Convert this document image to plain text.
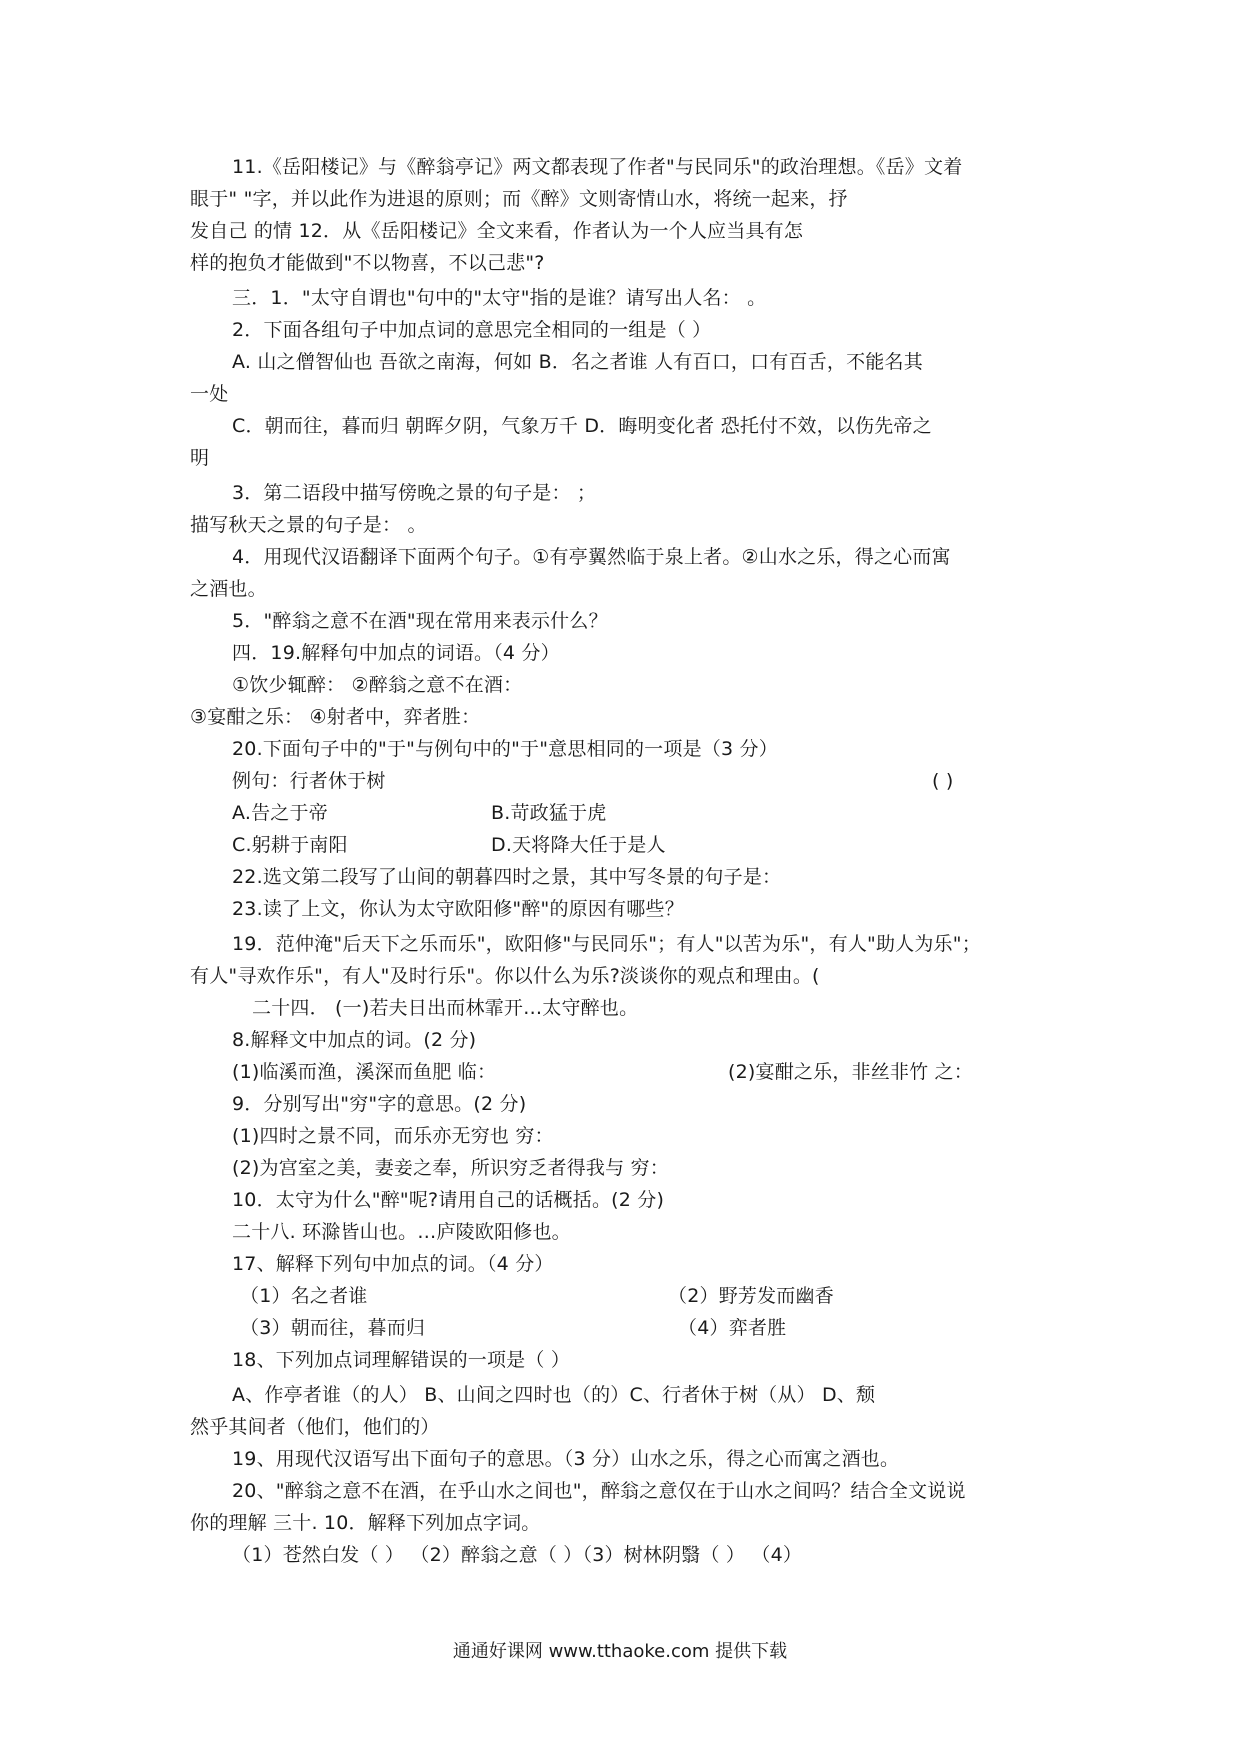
11.《岳阳楼记》与《醉翁亭记》两文都表现了作者"与民同乐"的政治理想。《岳》文着
眼于" "字，并以此作为进退的原则；而《醉》文则寄情山水，将统一起来，抒
发自己 的情 12．从《岳阳楼记》全文来看，作者认为一个人应当具有怎
样的抱负才能做到"不以物喜，不以己悲"?
三．1．"太守自谓也"句中的"太守"指的是谁？请写出人名： 。
2．下面各组句子中加点词的意思完全相同的一组是（ ）
A. 山之僧智仙也 吾欲之南海，何如 B．名之者谁 人有百口，口有百舌，不能名其
一处
C．朝而往，暮而归 朝晖夕阴，气象万千 D．晦明变化者 恐托付不效，以伤先帝之
明
3．第二语段中描写傍晚之景的句子是： ；
描写秋天之景的句子是： 。
4．用现代汉语翻译下面两个句子。①有亭翼然临于泉上者。②山水之乐，得之心而寓
之酒也。
5．"醉翁之意不在酒"现在常用来表示什么？
四．19.解释句中加点的词语。（4 分）
①饮少辄醉： ②醉翁之意不在酒：
③宴酣之乐： ④射者中，弈者胜：
20.下面句子中的"于"与例句中的"于"意思相同的一项是（3 分）
例句：行者休于树	( )
A.告之于帝	B.苛政猛于虎
C.躬耕于南阳	D.天将降大任于是人
22.选文第二段写了山间的朝暮四时之景，其中写冬景的句子是：
23.读了上文，你认为太守欧阳修"醉"的原因有哪些？
19．范仲淹"后天下之乐而乐"，欧阳修"与民同乐"；有人"以苦为乐"，有人"助人为乐"；
有人"寻欢作乐"，有人"及时行乐"。你以什么为乐?淡谈你的观点和理由。(
二十四． (一)若夫日出而林霏开…太守醉也。
8.解释文中加点的词。(2 分)
(1)临溪而渔，溪深而鱼肥 临：	(2)宴酣之乐，非丝非竹 之：
9．分别写出"穷"字的意思。(2 分)
(1)四时之景不同，而乐亦无穷也 穷：
(2)为宫室之美，妻妾之奉，所识穷乏者得我与 穷：
10．太守为什么"醉"呢?请用自己的话概括。(2 分)
二十八. 环滁皆山也。…庐陵欧阳修也。
17、解释下列句中加点的词。（4 分）
（1）名之者谁	（2）野芳发而幽香
（3）朝而往，暮而归	（4）弈者胜
18、下列加点词理解错误的一项是（ ）
A、作亭者谁（的人） B、山间之四时也（的）C、行者休于树（从） D、颓
然乎其间者（他们，他们的）
19、用现代汉语写出下面句子的意思。（3 分）山水之乐，得之心而寓之酒也。
20、"醉翁之意不在酒，在乎山水之间也"，醉翁之意仅在于山水之间吗？结合全文说说
你的理解 三十. 10．解释下列加点字词。
（1）苍然白发（ ） （2）醉翁之意（ ）（3）树林阴翳（ ） （4）
通通好课网 www.tthaoke.com 提供下载
